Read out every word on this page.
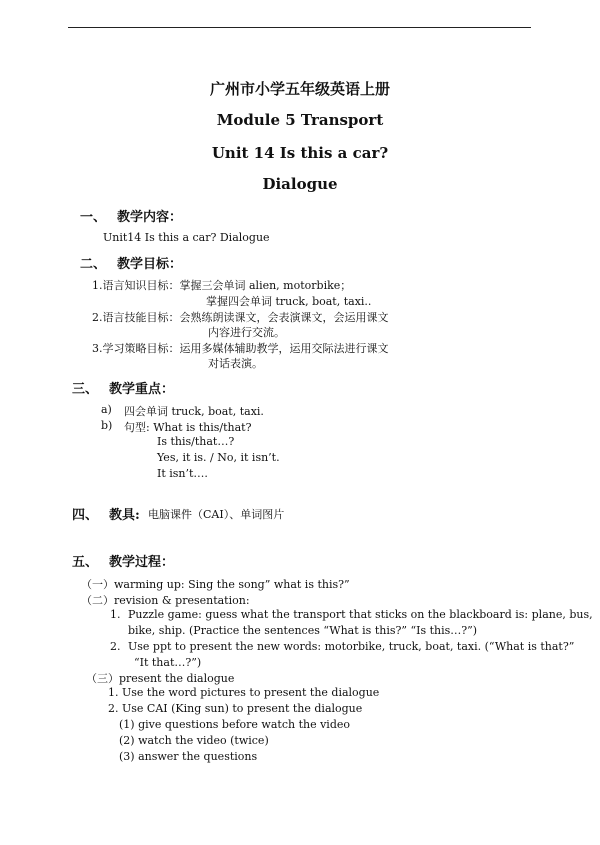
广州市小学五年级英语上册
Module 5 Transport
Unit 14 Is this a car?
Dialogue
一、 教学内容：
Unit14 Is this a car? Dialogue
二、 教学目标：
1.语言知识目标：掌握三会单词 alien, motorbike；
掌握四会单词 truck, boat, taxi..
2.语言技能目标：会熟练朗读课文，会表演课文，会运用课文
内容进行交流。
3.学习策略目标：运用多媒体辅助教学，运用交际法进行课文
对话表演。
三、 教学重点：
a) 四会单词 truck, boat, taxi.
b) 句型: What is this/that?
Is this/that…?
Yes, it is. / No, it isn’t.
It isn’t….
四、 教具: 电脑课件（CAI）、单词图片
五、 教学过程：
（一）warming up: Sing the song” what is this?”
（二）revision & presentation:
1. Puzzle game: guess what the transport that sticks on the blackboard is: plane, bus,
bike, ship. (Practice the sentences “What is this?” “Is this…?”)
2. Use ppt to present the new words: motorbike, truck, boat, taxi. (“What is that?”
“It that…?”)
（三）present the dialogue
1. Use the word pictures to present the dialogue
2. Use CAI (King sun) to present the dialogue
(1) give questions before watch the video
(2) watch the video (twice)
(3) answer the questions
